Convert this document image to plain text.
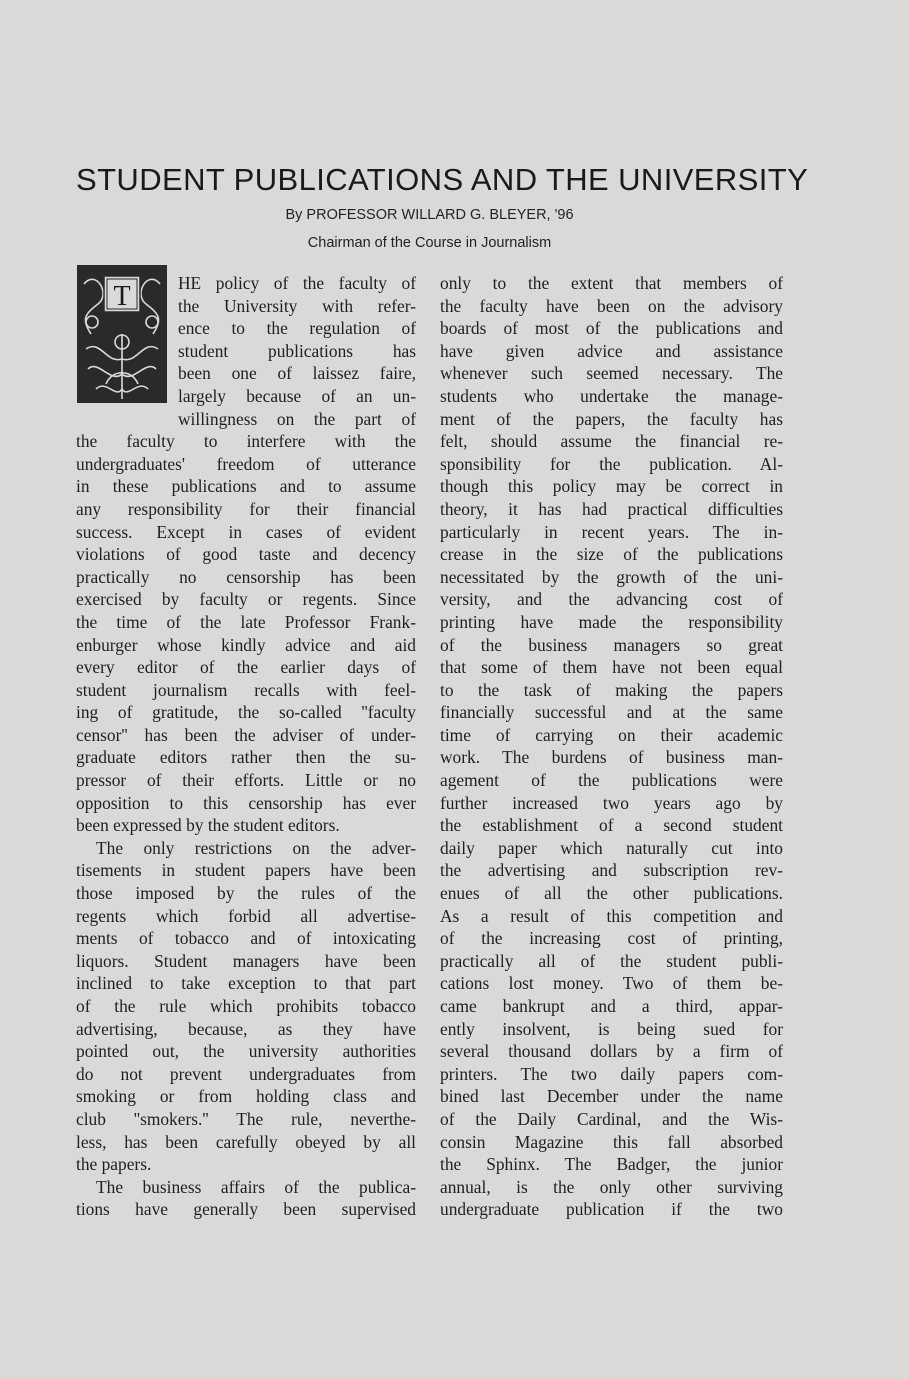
STUDENT PUBLICATIONS AND THE UNIVERSITY
By PROFESSOR WILLARD G. BLEYER, '96
Chairman of the Course in Journalism
T	HE policy of the faculty of
the University with refer-
ence to the regulation of
student publications has
been one of laissez faire,
largely because of an un-
willingness on the part of
the faculty to interfere with the
undergraduates' freedom of utterance
in these publications and to assume
any responsibility for their financial
success. Except in cases of evident
violations of good taste and decency
practically no censorship has been
exercised by faculty or regents. Since
the time of the late Professor Frank-
enburger whose kindly advice and aid
every editor of the earlier days of
student journalism recalls with feel-
ing of gratitude, the so-called ''faculty
censor'' has been the adviser of under-
graduate editors rather then the su-
pressor of their efforts. Little or no
opposition to this censorship has ever
been expressed by the student editors.
The only restrictions on the adver-
tisements in student papers have been
those imposed by the rules of the
regents which forbid all advertise-
ments of tobacco and of intoxicating
liquors. Student managers have been
inclined to take exception to that part
of the rule which prohibits tobacco
advertising, because, as they have
pointed out, the university authorities
do not prevent undergraduates from
smoking or from holding class and
club ''smokers.'' The rule, neverthe-
less, has been carefully obeyed by all
the papers.
The business affairs of the publica-
tions have generally been supervised
only to the extent that members of
the faculty have been on the advisory
boards of most of the publications and
have given advice and assistance
whenever such seemed necessary. The
students who undertake the manage-
ment of the papers, the faculty has
felt, should assume the financial re-
sponsibility for the publication. Al-
though this policy may be correct in
theory, it has had practical difficulties
particularly in recent years. The in-
crease in the size of the publications
necessitated by the growth of the uni-
versity, and the advancing cost of
printing have made the responsibility
of the business managers so great
that some of them have not been equal
to the task of making the papers
financially successful and at the same
time of carrying on their academic
work. The burdens of business man-
agement of the publications were
further increased two years ago by
the establishment of a second student
daily paper which naturally cut into
the advertising and subscription rev-
enues of all the other publications.
As a result of this competition and
of the increasing cost of printing,
practically all of the student publi-
cations lost money. Two of them be-
came bankrupt and a third, appar-
ently insolvent, is being sued for
several thousand dollars by a firm of
printers. The two daily papers com-
bined last December under the name
of the Daily Cardinal, and the Wis-
consin Magazine this fall absorbed
the Sphinx. The Badger, the junior
annual, is the only other surviving
undergraduate publication if the two
